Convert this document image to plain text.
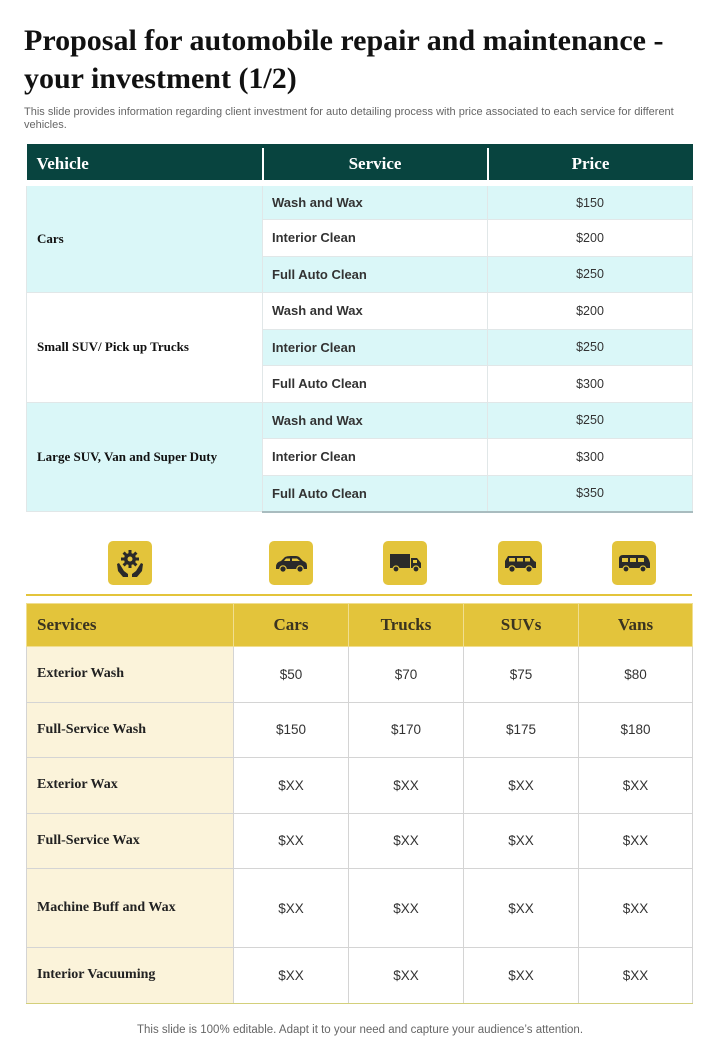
Proposal for automobile repair and maintenance - your investment (1/2)
This slide provides information regarding client investment for auto detailing process with price associated to each service for different vehicles.
Vehicle	Service	Price
Cars	Wash and Wax	$150
	Interior Clean	$200
	Full Auto Clean	$250
Small SUV/ Pick up Trucks	Wash and Wax	$200
	Interior Clean	$250
	Full Auto Clean	$300
Large SUV, Van and Super Duty	Wash and Wax	$250
	Interior Clean	$300
	Full Auto Clean	$350
Services	Cars	Trucks	SUVs	Vans
Exterior Wash	$50	$70	$75	$80
Full-Service Wash	$150	$170	$175	$180
Exterior Wax	$XX	$XX	$XX	$XX
Full-Service Wax	$XX	$XX	$XX	$XX
Machine Buff and Wax	$XX	$XX	$XX	$XX
Interior Vacuuming	$XX	$XX	$XX	$XX
This slide is 100% editable. Adapt it to your need and capture your audience’s attention.
